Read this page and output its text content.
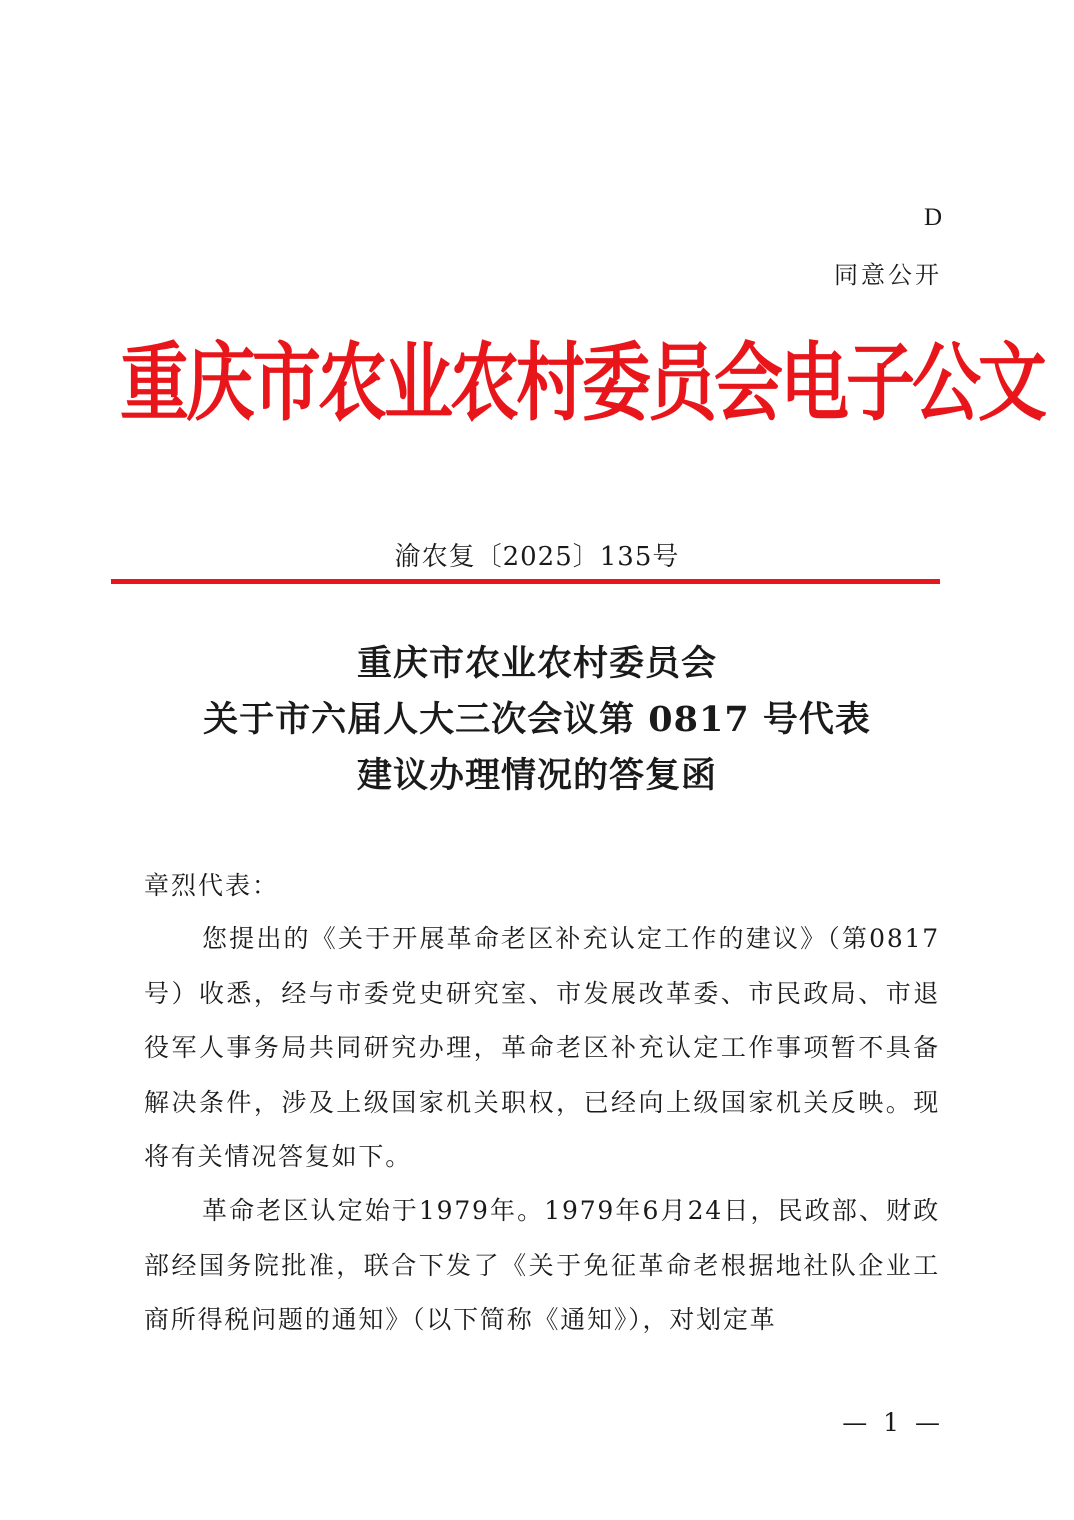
D
同意公开
重庆市农业农村委员会电子公文
渝农复〔2025〕135号
重庆市农业农村委员会
关于市六届人大三次会议第 0817 号代表
建议办理情况的答复函
章烈代表：

您提出的《关于开展革命老区补充认定工作的建议》（第0817号）收悉，经与市委党史研究室、市发展改革委、市民政局、市退役军人事务局共同研究办理，革命老区补充认定工作事项暂不具备解决条件，涉及上级国家机关职权，已经向上级国家机关反映。现将有关情况答复如下。

革命老区认定始于1979年。1979年6月24日，民政部、财政部经国务院批准，联合下发了《关于免征革命老根据地社队企业工商所得税问题的通知》（以下简称《通知》），对划定革

— 1 —
